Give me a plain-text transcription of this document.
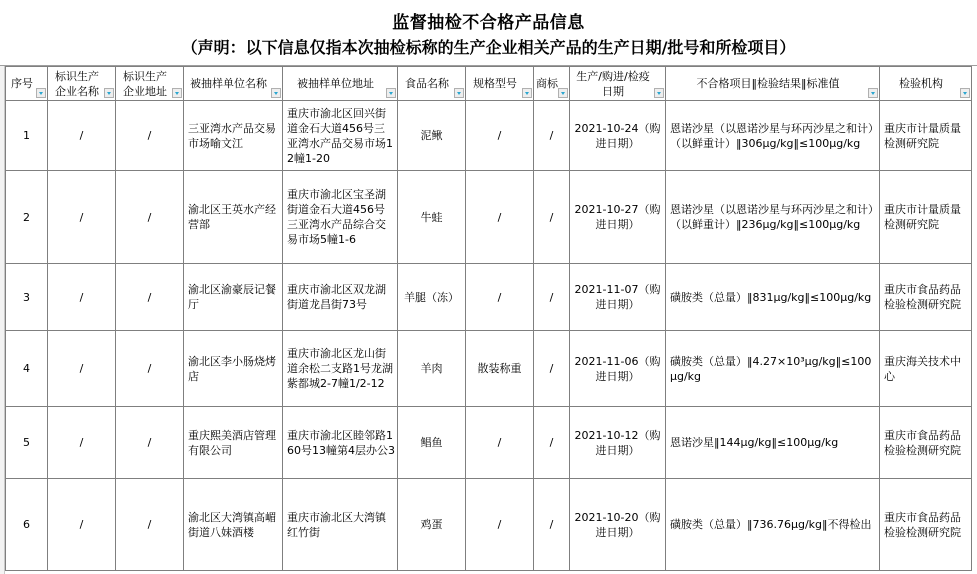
监督抽检不合格产品信息
（声明：以下信息仅指本次抽检标称的生产企业相关产品的生产日期/批号和所检项目）
序号	标识生产企业名称	标识生产企业地址	被抽样单位名称	被抽样单位地址	食品名称	规格型号	商标	生产/购进/检疫日期	不合格项目‖检验结果‖标准值	检验机构

1	/	/	三亚湾水产品交易市场喻文江	重庆市渝北区回兴街道金石大道456号三亚湾水产品交易市场12幢1-20	泥鳅	/	/	2021-10-24（购进日期）	恩诺沙星（以恩诺沙星与环丙沙星之和计）（以鲜重计）‖306μg/kg‖≤100μg/kg	重庆市计量质量检测研究院
2	/	/	渝北区王英水产经营部	重庆市渝北区宝圣湖街道金石大道456号三亚湾水产品综合交易市场5幢1-6	牛蛙	/	/	2021-10-27（购进日期）	恩诺沙星（以恩诺沙星与环丙沙星之和计）（以鲜重计）‖236μg/kg‖≤100μg/kg	重庆市计量质量检测研究院
3	/	/	渝北区渝豪辰记餐厅	重庆市渝北区双龙湖街道龙昌街73号	羊腿（冻）	/	/	2021-11-07（购进日期）	磺胺类（总量）‖831μg/kg‖≤100μg/kg	重庆市食品药品检验检测研究院
4	/	/	渝北区李小肠烧烤店	重庆市渝北区龙山街道余松二支路1号龙湖紫都城2-7幢1/2-12	羊肉	散装称重	/	2021-11-06（购进日期）	磺胺类（总量）‖4.27×10³μg/kg‖≤100μg/kg	重庆海关技术中心
5	/	/	重庆熙美酒店管理有限公司	重庆市渝北区睦邻路160号13幢第4层办公3	鲳鱼	/	/	2021-10-12（购进日期）	恩诺沙星‖144μg/kg‖≤100μg/kg	重庆市食品药品检验检测研究院
6	/	/	渝北区大湾镇高嵋街道八妹酒楼	重庆市渝北区大湾镇红竹街	鸡蛋	/	/	2021-10-20（购进日期）	磺胺类（总量）‖736.76μg/kg‖不得检出	重庆市食品药品检验检测研究院
